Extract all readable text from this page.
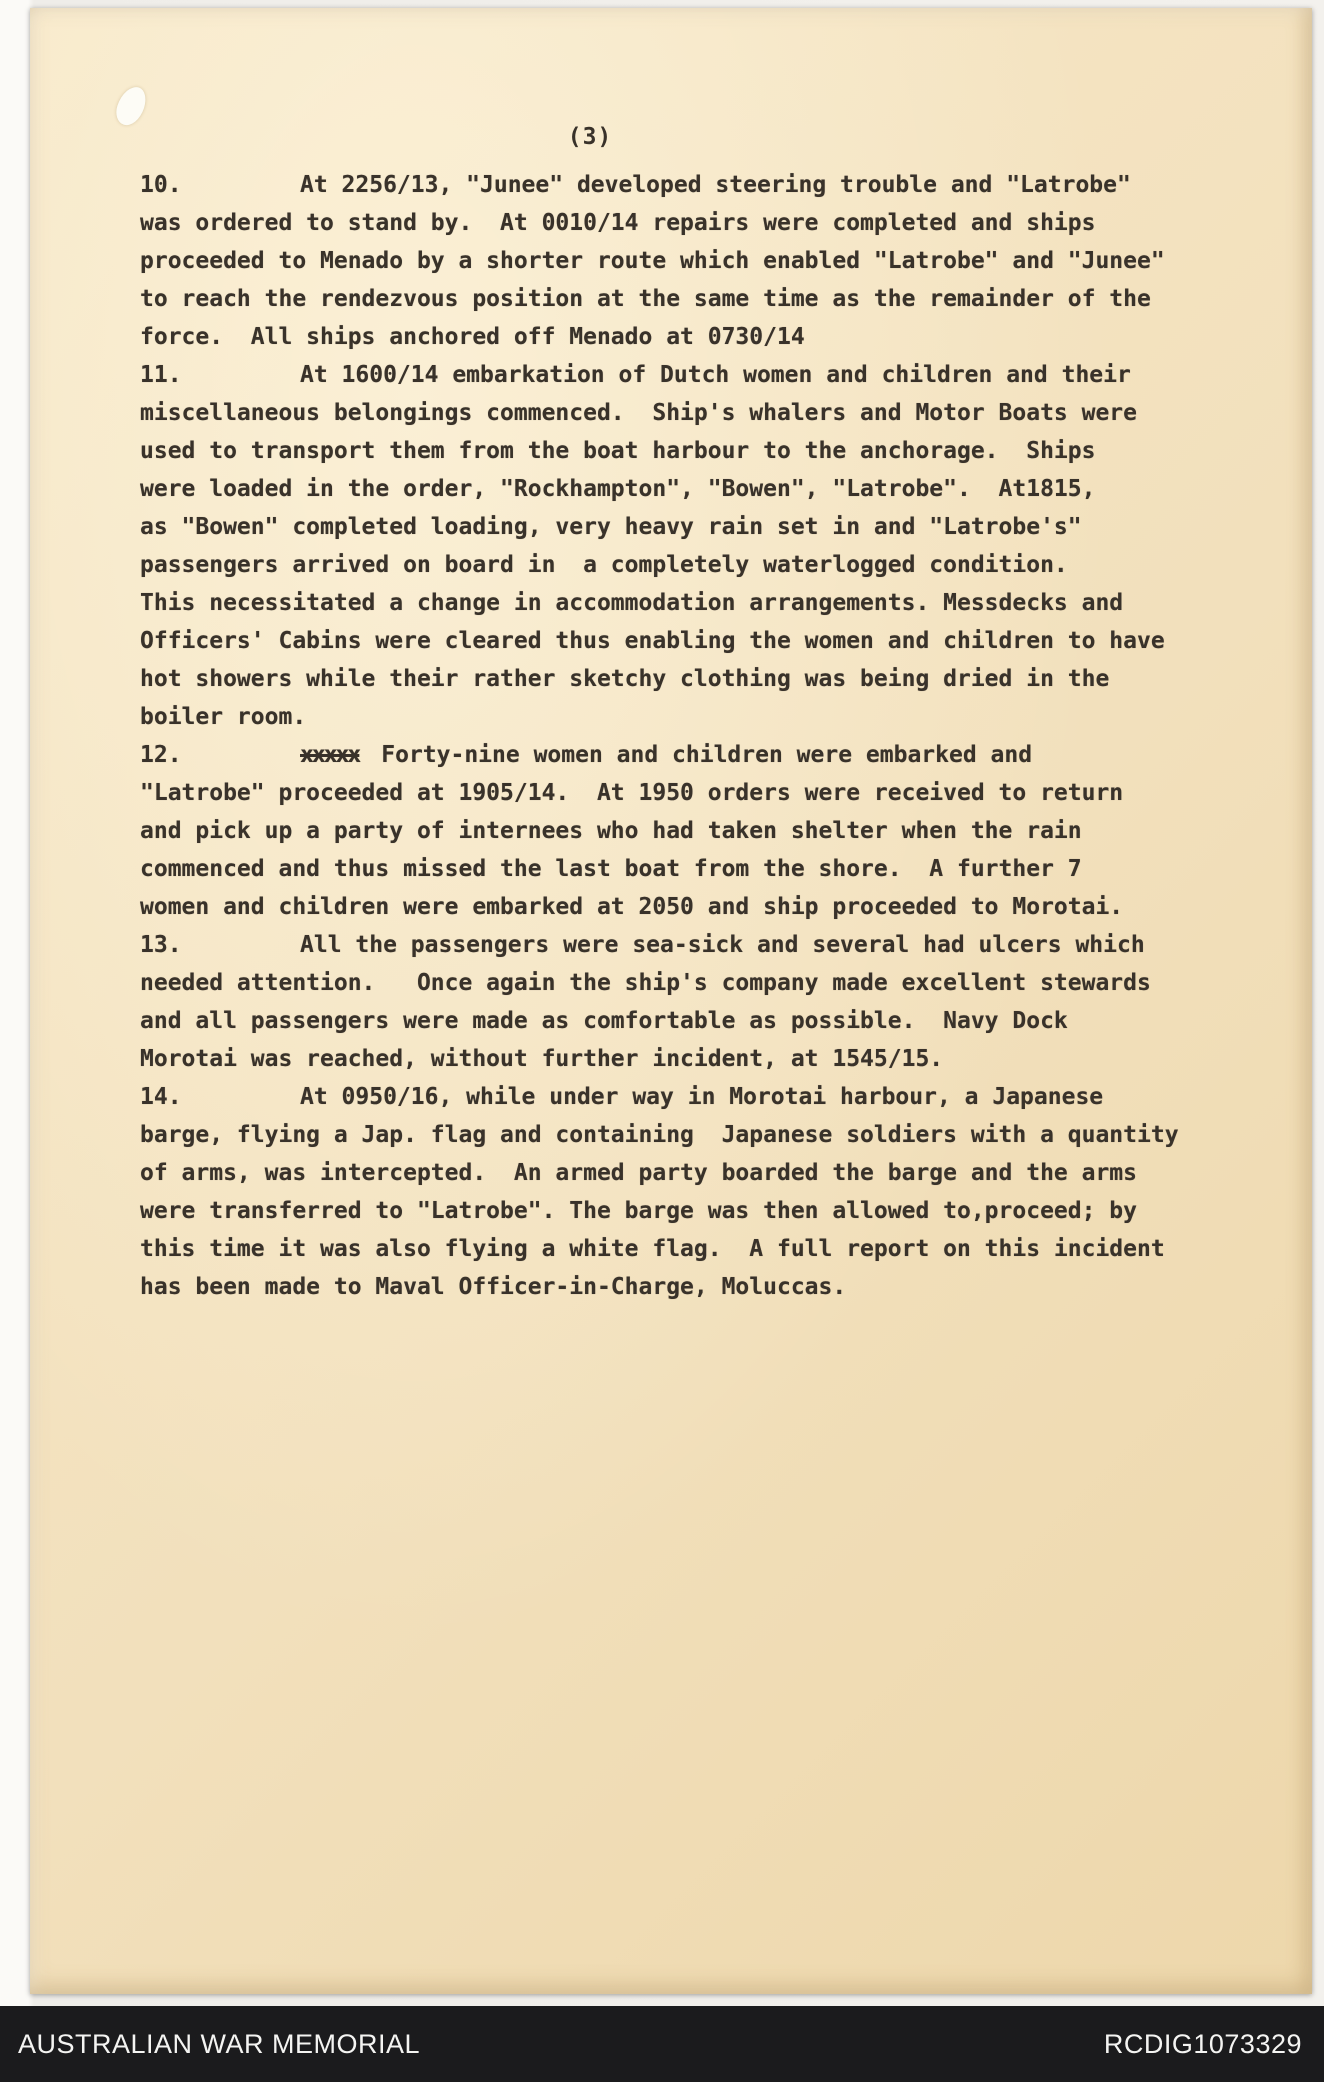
(3)
10.	At 2256/13, "Junee" developed steering trouble and "Latrobe"
was ordered to stand by.  At 0010/14 repairs were completed and ships
proceeded to Menado by a shorter route which enabled "Latrobe" and "Junee"
to reach the rendezvous position at the same time as the remainder of the
force.  All ships anchored off Menado at 0730/14
11.	At 1600/14 embarkation of Dutch women and children and their
miscellaneous belongings commenced.  Ship's whalers and Motor Boats were
used to transport them from the boat harbour to the anchorage.  Ships
were loaded in the order, "Rockhampton", "Bowen", "Latrobe".  At1815,
as "Bowen" completed loading, very heavy rain set in and "Latrobe's"
passengers arrived on board in  a completely waterlogged condition.
This necessitated a change in accommodation arrangements. Messdecks and
Officers' Cabins were cleared thus enabling the women and children to have
hot showers while their rather sketchy clothing was being dried in the
boiler room.
12.	xxxxx Forty-nine women and children were embarked and
"Latrobe" proceeded at 1905/14.  At 1950 orders were received to return
and pick up a party of internees who had taken shelter when the rain
commenced and thus missed the last boat from the shore.  A further 7
women and children were embarked at 2050 and ship proceeded to Morotai.
13.	All the passengers were sea-sick and several had ulcers which
needed attention.   Once again the ship's company made excellent stewards
and all passengers were made as comfortable as possible.  Navy Dock
Morotai was reached, without further incident, at 1545/15.
14.	At 0950/16, while under way in Morotai harbour, a Japanese
barge, flying a Jap. flag and containing  Japanese soldiers with a quantity
of arms, was intercepted.  An armed party boarded the barge and the arms
were transferred to "Latrobe". The barge was then allowed to,proceed; by
this time it was also flying a white flag.  A full report on this incident
has been made to Maval Officer-in-Charge, Moluccas.
AUSTRALIAN WAR MEMORIAL	RCDIG1073329
